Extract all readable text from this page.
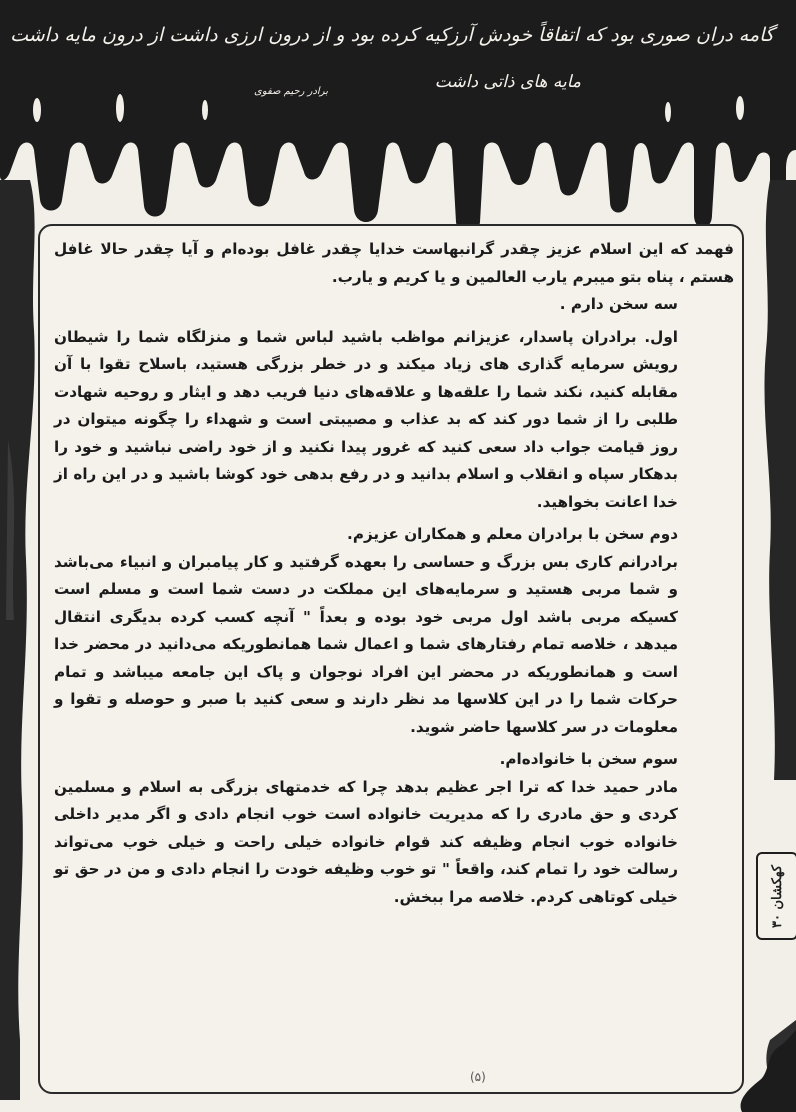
گامه دران صوری بود که اتفاقاً خودش آرزکیه کرده بود و از درون ارزی داشت از درون مایه داشت
مایه های ذاتی داشت
برادر رحیم صفوی

فهمد که این اسلام عزیز چقدر گرانبهاست خدایا چقدر غافل بوده‌ام و آیا چقدر حالا غافل هستم ، پناه بتو میبرم یارب العالمین و یا کریم و یارب.

سه سخن دارم .

اول. برادران پاسدار، عزیزانم مواظب باشید لباس شما و منزلگاه شما را شیطان رویش سرمایه گذاری های زیاد میکند و در خطر بزرگی هستید، باسلاح تقوا با آن مقابله کنید، نکند شما را علقه‌ها و علاقه‌های دنیا فریب دهد و ایثار و روحیه شهادت طلبی را از شما دور کند که بد عذاب و مصیبتی است و شهداء را چگونه میتوان در روز قیامت جواب داد سعی کنید که غرور پیدا نکنید و از خود راضی نباشید و خود را بدهکار سپاه و انقلاب و اسلام بدانید و در رفع بدهی خود کوشا باشید و در این راه از خدا اعانت بخواهید.

دوم سخن با برادران معلم و همکاران عزیزم.

برادرانم کاری بس بزرگ و حساسی را بعهده گرفتید و کار پیامبران و انبیاء می‌باشد و شما مربی هستید و سرمایه‌های این مملکت در دست شما است و مسلم است کسیکه مربی باشد اول مربی خود بوده و بعداً " آنچه کسب کرده بدیگری انتقال میدهد ، خلاصه تمام رفتارهای شما و اعمال شما همانطوریکه می‌دانید در محضر خدا است و همانطوریکه در محضر این افراد نوجوان و پاک این جامعه میباشد و تمام حرکات شما را در این کلاسها مد نظر دارند و سعی کنید با صبر و حوصله و تقوا و معلومات در سر کلاسها حاضر شوید.

سوم سخن با خانواده‌ام.

مادر حمید خدا که ترا اجر عظیم بدهد چرا که خدمتهای بزرگی به اسلام و مسلمین کردی و حق مادری را که مدیریت خانواده است خوب انجام دادی و اگر مدیر داخلی خانواده خوب انجام وظیفه کند قوام خانواده خیلی راحت و خیلی خوب می‌تواند رسالت خود را تمام کند، واقعاً " تو خوب وظیفه خودت را انجام دادی و من در حق تو خیلی کوتاهی کردم. خلاصه مرا ببخش.

کهکشان ۳۰
(۵)
